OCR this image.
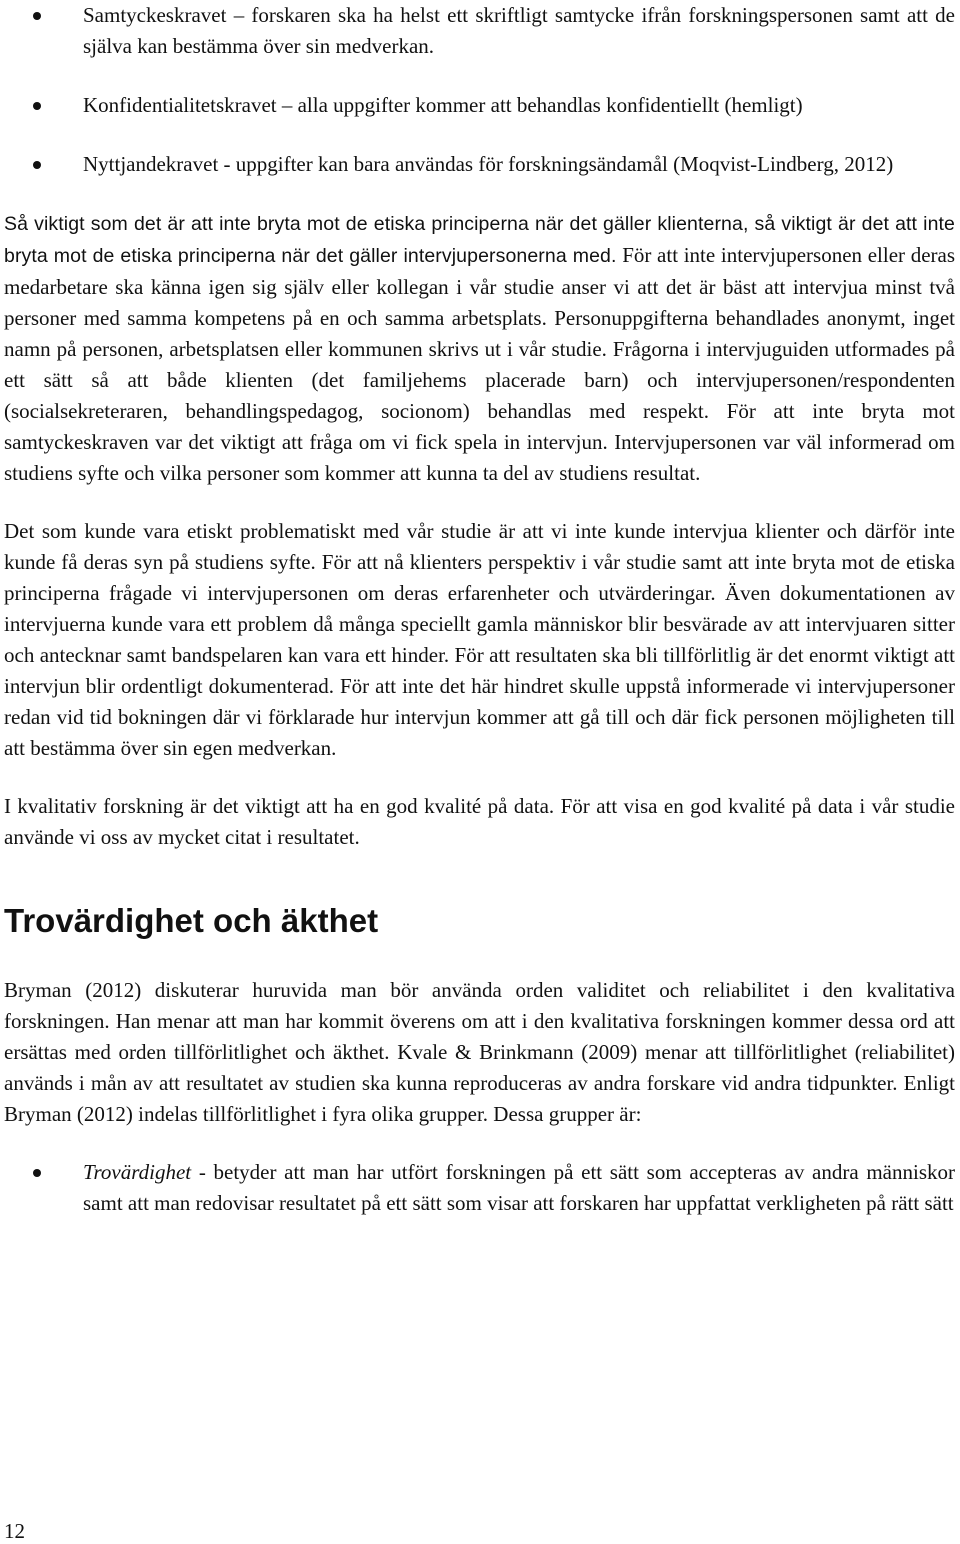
Samtyckeskravet – forskaren ska ha helst ett skriftligt samtycke ifrån forskningspersonen samt att de själva kan bestämma över sin medverkan.
Konfidentialitetskravet – alla uppgifter kommer att behandlas konfidentiellt (hemligt)
Nyttjandekravet - uppgifter kan bara användas för forskningsändamål (Moqvist-Lindberg, 2012)

Så viktigt som det är att inte bryta mot de etiska principerna när det gäller klienterna, så viktigt är det att inte bryta mot de etiska principerna när det gäller intervjupersonerna med. För att inte intervjupersonen eller deras medarbetare ska känna igen sig själv eller kollegan i vår studie anser vi att det är bäst att intervjua minst två personer med samma kompetens på en och samma arbetsplats. Personuppgifterna behandlades anonymt, inget namn på personen, arbetsplatsen eller kommunen skrivs ut i vår studie. Frågorna i intervjuguiden utformades på ett sätt så att både klienten (det familjehems placerade barn) och intervjupersonen/respondenten (socialsekreteraren, behandlingspedagog, socionom) behandlas med respekt. För att inte bryta mot samtyckeskraven var det viktigt att fråga om vi fick spela in intervjun. Intervjupersonen var väl informerad om studiens syfte och vilka personer som kommer att kunna ta del av studiens resultat.

Det som kunde vara etiskt problematiskt med vår studie är att vi inte kunde intervjua klienter och därför inte kunde få deras syn på studiens syfte. För att nå klienters perspektiv i vår studie samt att inte bryta mot de etiska principerna frågade vi intervjupersonen om deras erfarenheter och utvärderingar. Även dokumentationen av intervjuerna kunde vara ett problem då många speciellt gamla människor blir besvärade av att intervjuaren sitter och antecknar samt bandspelaren kan vara ett hinder. För att resultaten ska bli tillförlitlig är det enormt viktigt att intervjun blir ordentligt dokumenterad. För att inte det här hindret skulle uppstå informerade vi intervjupersoner redan vid tid bokningen där vi förklarade hur intervjun kommer att gå till och där fick personen möjligheten till att bestämma över sin egen medverkan.

I kvalitativ forskning är det viktigt att ha en god kvalité på data. För att visa en god kvalité på data i vår studie använde vi oss av mycket citat i resultatet.

Trovärdighet och äkthet

Bryman (2012) diskuterar huruvida man bör använda orden validitet och reliabilitet i den kvalitativa forskningen. Han menar att man har kommit överens om att i den kvalitativa forskningen kommer dessa ord att ersättas med orden tillförlitlighet och äkthet. Kvale & Brinkmann (2009) menar att tillförlitlighet (reliabilitet) används i mån av att resultatet av studien ska kunna reproduceras av andra forskare vid andra tidpunkter. Enligt Bryman (2012) indelas tillförlitlighet i fyra olika grupper. Dessa grupper är:

Trovärdighet - betyder att man har utfört forskningen på ett sätt som accepteras av andra människor samt att man redovisar resultatet på ett sätt som visar att forskaren har uppfattat verkligheten på rätt sätt
12
